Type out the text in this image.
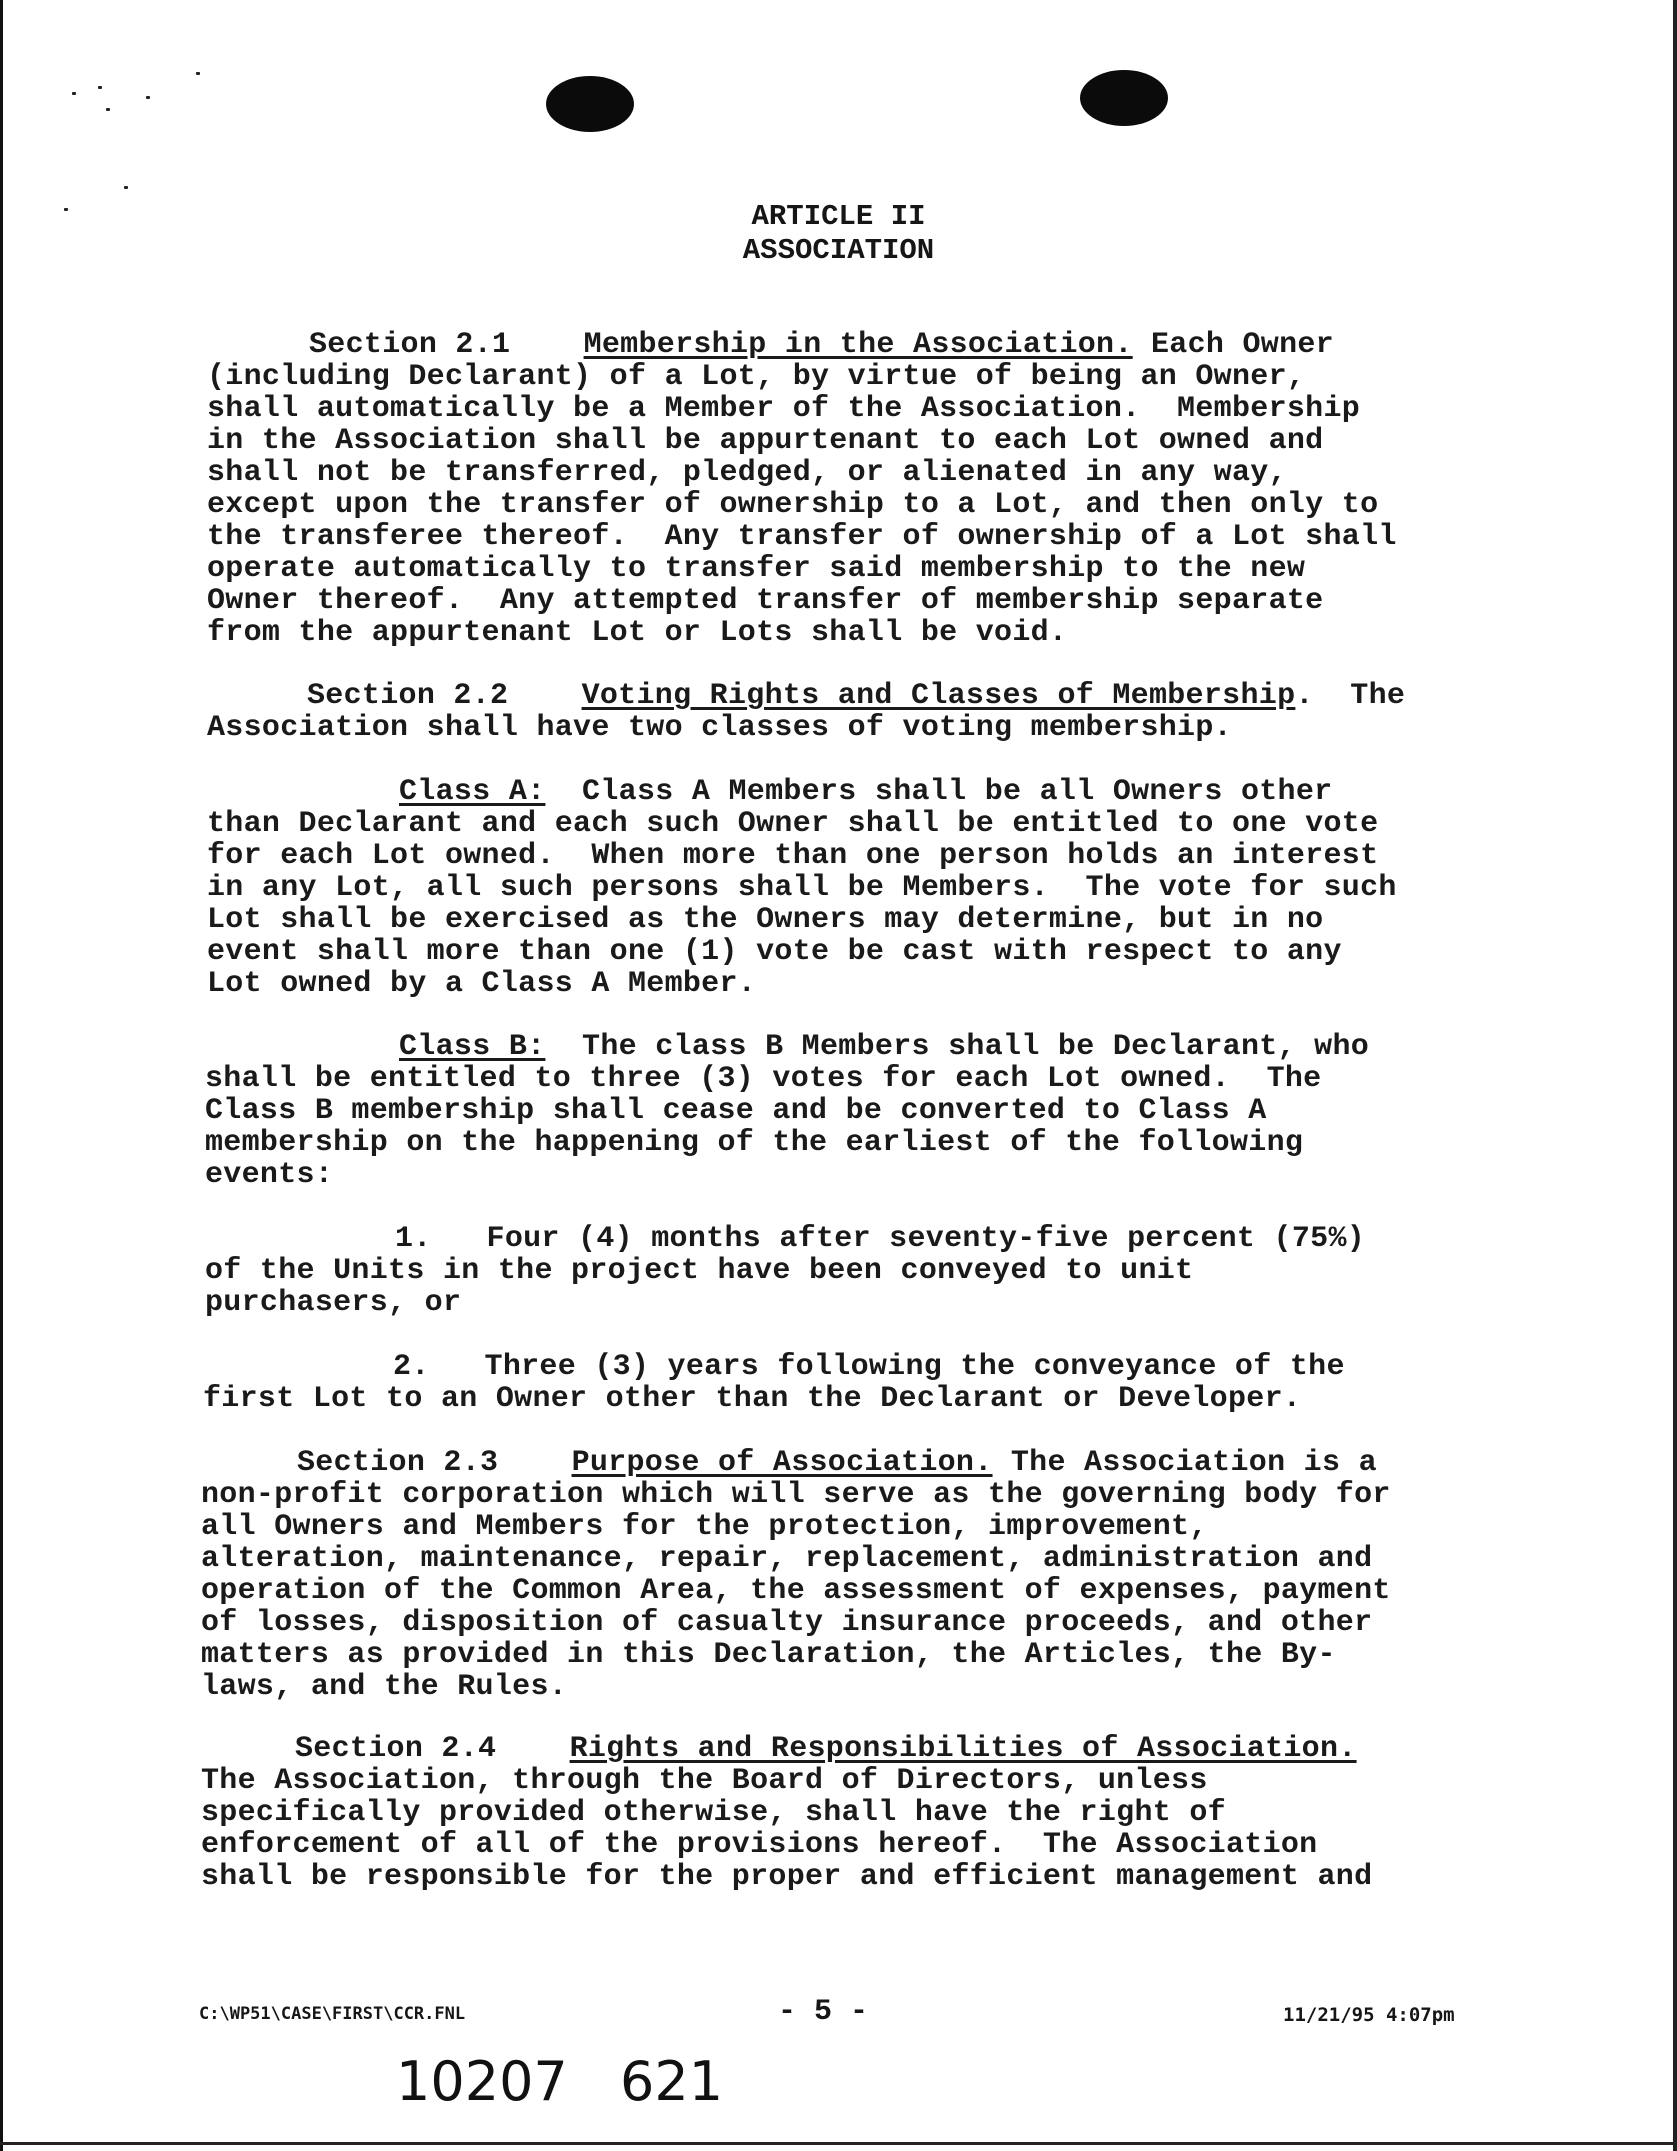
ARTICLE II
ASSOCIATION
Section 2.1 Membership in the Association. Each Owner
(including Declarant) of a Lot, by virtue of being an Owner,
shall automatically be a Member of the Association.  Membership
in the Association shall be appurtenant to each Lot owned and
shall not be transferred, pledged, or alienated in any way,
except upon the transfer of ownership to a Lot, and then only to
the transferee thereof.  Any transfer of ownership of a Lot shall
operate automatically to transfer said membership to the new
Owner thereof.  Any attempted transfer of membership separate
from the appurtenant Lot or Lots shall be void.
Section 2.2 Voting Rights and Classes of Membership.  The
Association shall have two classes of voting membership.
Class A:  Class A Members shall be all Owners other
than Declarant and each such Owner shall be entitled to one vote
for each Lot owned.  When more than one person holds an interest
in any Lot, all such persons shall be Members.  The vote for such
Lot shall be exercised as the Owners may determine, but in no
event shall more than one (1) vote be cast with respect to any
Lot owned by a Class A Member.
Class B:  The class B Members shall be Declarant, who
shall be entitled to three (3) votes for each Lot owned.  The
Class B membership shall cease and be converted to Class A
membership on the happening of the earliest of the following
events:
1.   Four (4) months after seventy-five percent (75%)
of the Units in the project have been conveyed to unit
purchasers, or
2.   Three (3) years following the conveyance of the
first Lot to an Owner other than the Declarant or Developer.
Section 2.3 Purpose of Association. The Association is a
non-profit corporation which will serve as the governing body for
all Owners and Members for the protection, improvement,
alteration, maintenance, repair, replacement, administration and
operation of the Common Area, the assessment of expenses, payment
of losses, disposition of casualty insurance proceeds, and other
matters as provided in this Declaration, the Articles, the By-
laws, and the Rules.
Section 2.4 Rights and Responsibilities of Association.
The Association, through the Board of Directors, unless
specifically provided otherwise, shall have the right of
enforcement of all of the provisions hereof.  The Association
shall be responsible for the proper and efficient management and
C:\WP51\CASE\FIRST\CCR.FNL	- 5 -	11/21/95 4:07pm
10207 621
